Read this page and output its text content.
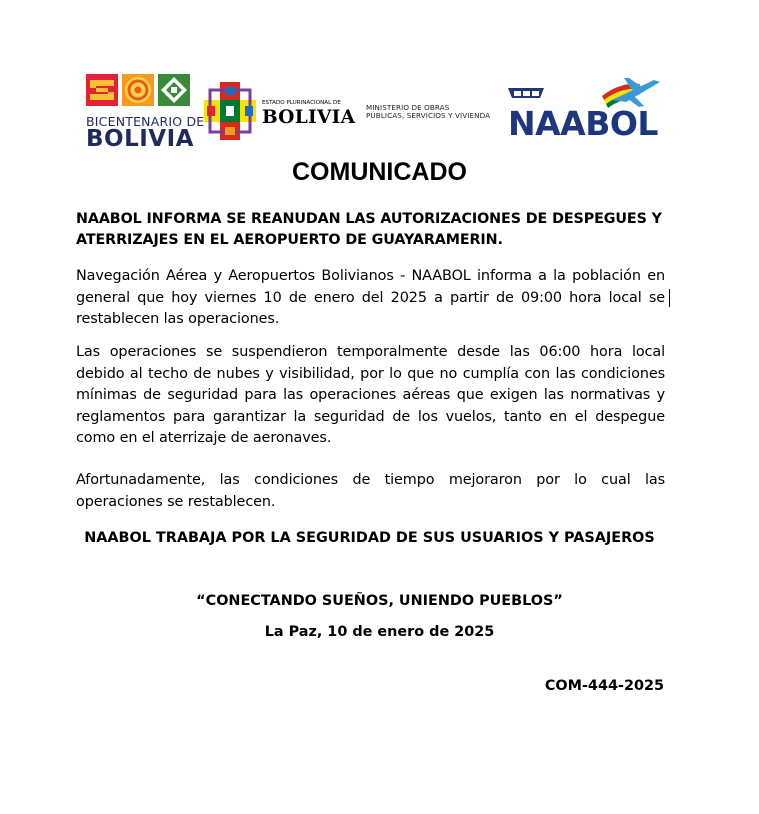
BICENTENARIO DE
BOLIVIA
ESTADO PLURINACIONAL DE
BOLIVIA MINISTERIO DE OBRAS
PÚBLICAS, SERVICIOS Y VIVIENDA NAABOL
COMUNICADO

NAABOL INFORMA SE REANUDAN LAS AUTORIZACIONES DE DESPEGUES Y ATERRIZAJES EN EL AEROPUERTO DE GUAYARAMERIN.

Navegación Aérea y Aeropuertos Bolivianos - NAABOL informa a la población en general que hoy viernes 10 de enero del 2025 a partir de 09:00 hora local se restablecen las operaciones.

Las operaciones se suspendieron temporalmente desde las 06:00 hora local debido al techo de nubes y visibilidad, por lo que no cumplía con las condiciones mínimas de seguridad para las operaciones aéreas que exigen las normativas y reglamentos para garantizar la seguridad de los vuelos, tanto en el despegue como en el aterrizaje de aeronaves.

Afortunadamente, las condiciones de tiempo mejoraron por lo cual las operaciones se restablecen.

NAABOL TRABAJA POR LA SEGURIDAD DE SUS USUARIOS Y PASAJEROS

“CONECTANDO SUEÑOS, UNIENDO PUEBLOS”

La Paz, 10 de enero de 2025

COM-444-2025
